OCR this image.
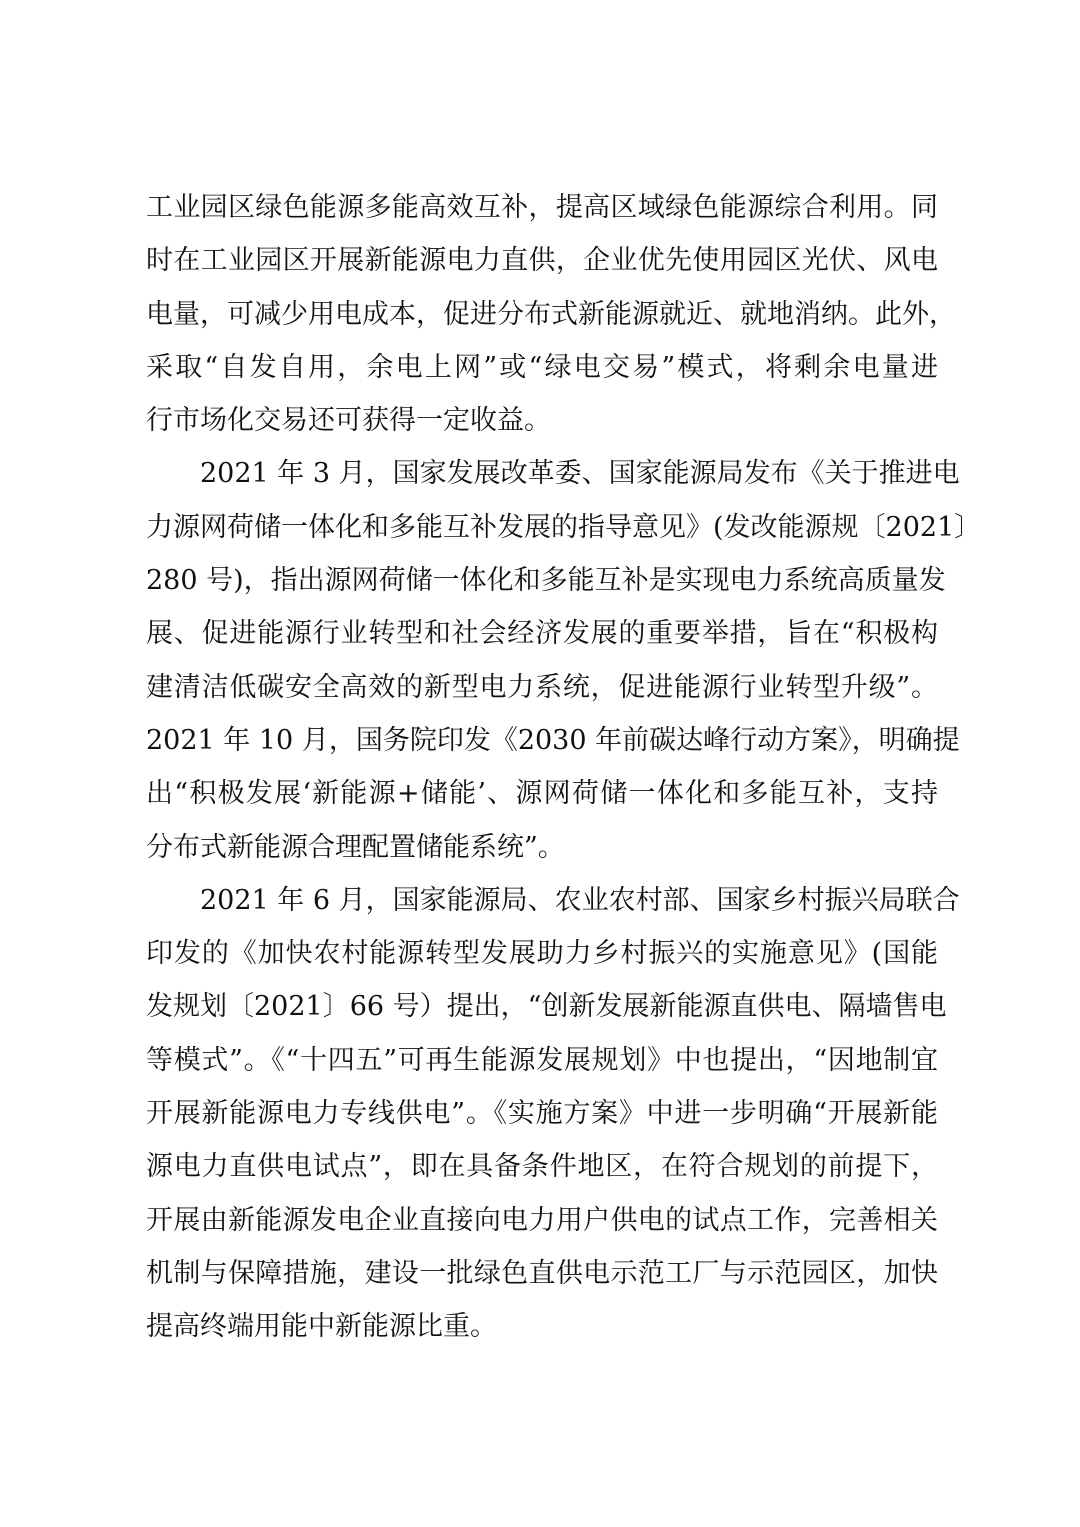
工业园区绿色能源多能高效互补，提高区域绿色能源综合利用。同
时在工业园区开展新能源电力直供，企业优先使用园区光伏、风电
电量，可减少用电成本，促进分布式新能源就近、就地消纳。此外，
采取“自发自用，余电上网”或“绿电交易”模式，将剩余电量进
行市场化交易还可获得一定收益。
2021 年 3 月，国家发展改革委、国家能源局发布《关于推进电
力源网荷储一体化和多能互补发展的指导意见》(发改能源规〔2021〕
280 号)，指出源网荷储一体化和多能互补是实现电力系统高质量发
展、促进能源行业转型和社会经济发展的重要举措，旨在“积极构
建清洁低碳安全高效的新型电力系统，促进能源行业转型升级”。
2021 年 10 月，国务院印发《2030 年前碳达峰行动方案》，明确提
出“积极发展‘新能源+储能’、源网荷储一体化和多能互补，支持
分布式新能源合理配置储能系统”。
2021 年 6 月，国家能源局、农业农村部、国家乡村振兴局联合
印发的《加快农村能源转型发展助力乡村振兴的实施意见》(国能
发规划〔2021〕66 号）提出，“创新发展新能源直供电、隔墙售电
等模式”。《“十四五”可再生能源发展规划》中也提出，“因地制宜
开展新能源电力专线供电”。《实施方案》中进一步明确“开展新能
源电力直供电试点”，即在具备条件地区，在符合规划的前提下，
开展由新能源发电企业直接向电力用户供电的试点工作，完善相关
机制与保障措施，建设一批绿色直供电示范工厂与示范园区，加快
提高终端用能中新能源比重。
